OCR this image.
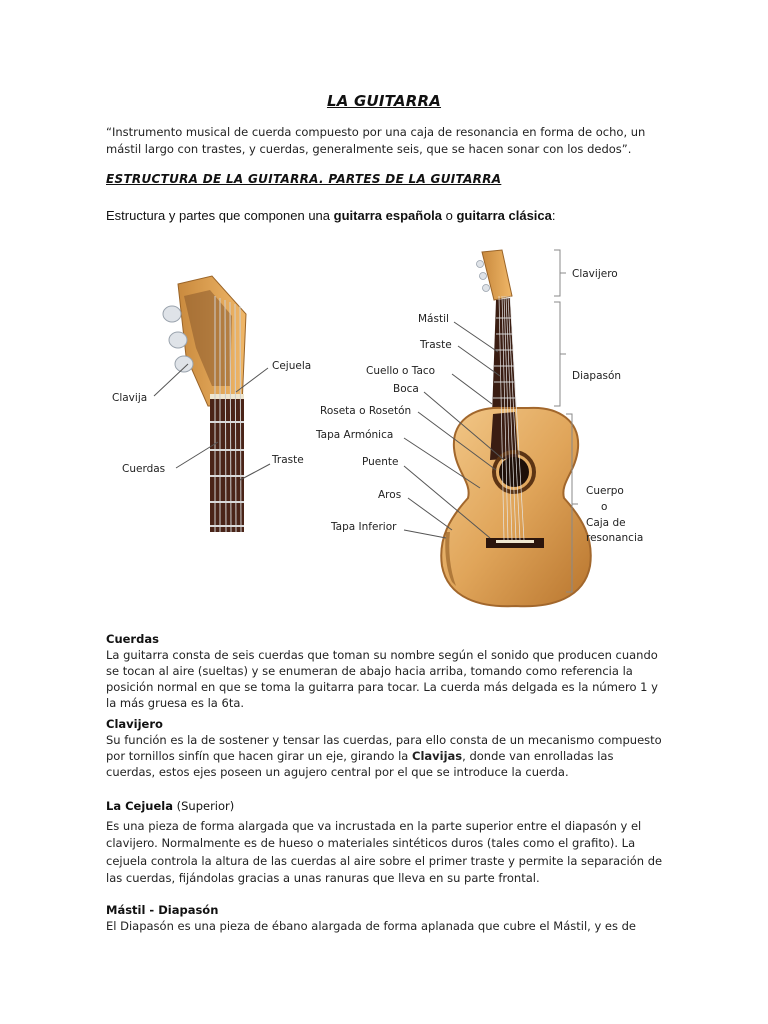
LA GUITARRA
“Instrumento musical de cuerda compuesto por una caja de resonancia en forma de ocho, un mástil largo con trastes, y cuerdas, generalmente seis, que se hacen sonar con los dedos”.
ESTRUCTURA DE LA GUITARRA. PARTES DE LA GUITARRA
Estructura y partes que componen una guitarra española o guitarra clásica:
Cejuela
Clavija
Cuerdas
Traste
Mástil
Traste
Cuello o Taco
Boca
Roseta o Rosetón
Tapa Armónica
Puente
Aros
Tapa Inferior
Clavijero
Diapasón
Cuerpo
o
Caja de
resonancia
Cuerdas

La guitarra consta de seis cuerdas que toman su nombre según el sonido que producen cuando se tocan al aire (sueltas) y se enumeran de abajo hacia arriba, tomando como referencia la posición normal en que se toma la guitarra para tocar. La cuerda más delgada es la número 1 y la más gruesa es la 6ta.

Clavijero

Su función es la de sostener y tensar las cuerdas, para ello consta de un mecanismo compuesto por tornillos sinfín que hacen girar un eje, girando la Clavijas, donde van enrolladas las cuerdas, estos ejes poseen un agujero central por el que se introduce la cuerda.

La Cejuela (Superior)

Es una pieza de forma alargada que va incrustada en la parte superior entre el diapasón y el clavijero. Normalmente es de hueso o materiales sintéticos duros (tales como el grafito). La cejuela controla la altura de las cuerdas al aire sobre el primer traste y permite la separación de las cuerdas, fijándolas gracias a unas ranuras que lleva en su parte frontal.

Mástil - Diapasón

El Diapasón es una pieza de ébano alargada de forma aplanada que cubre el Mástil, y es de
